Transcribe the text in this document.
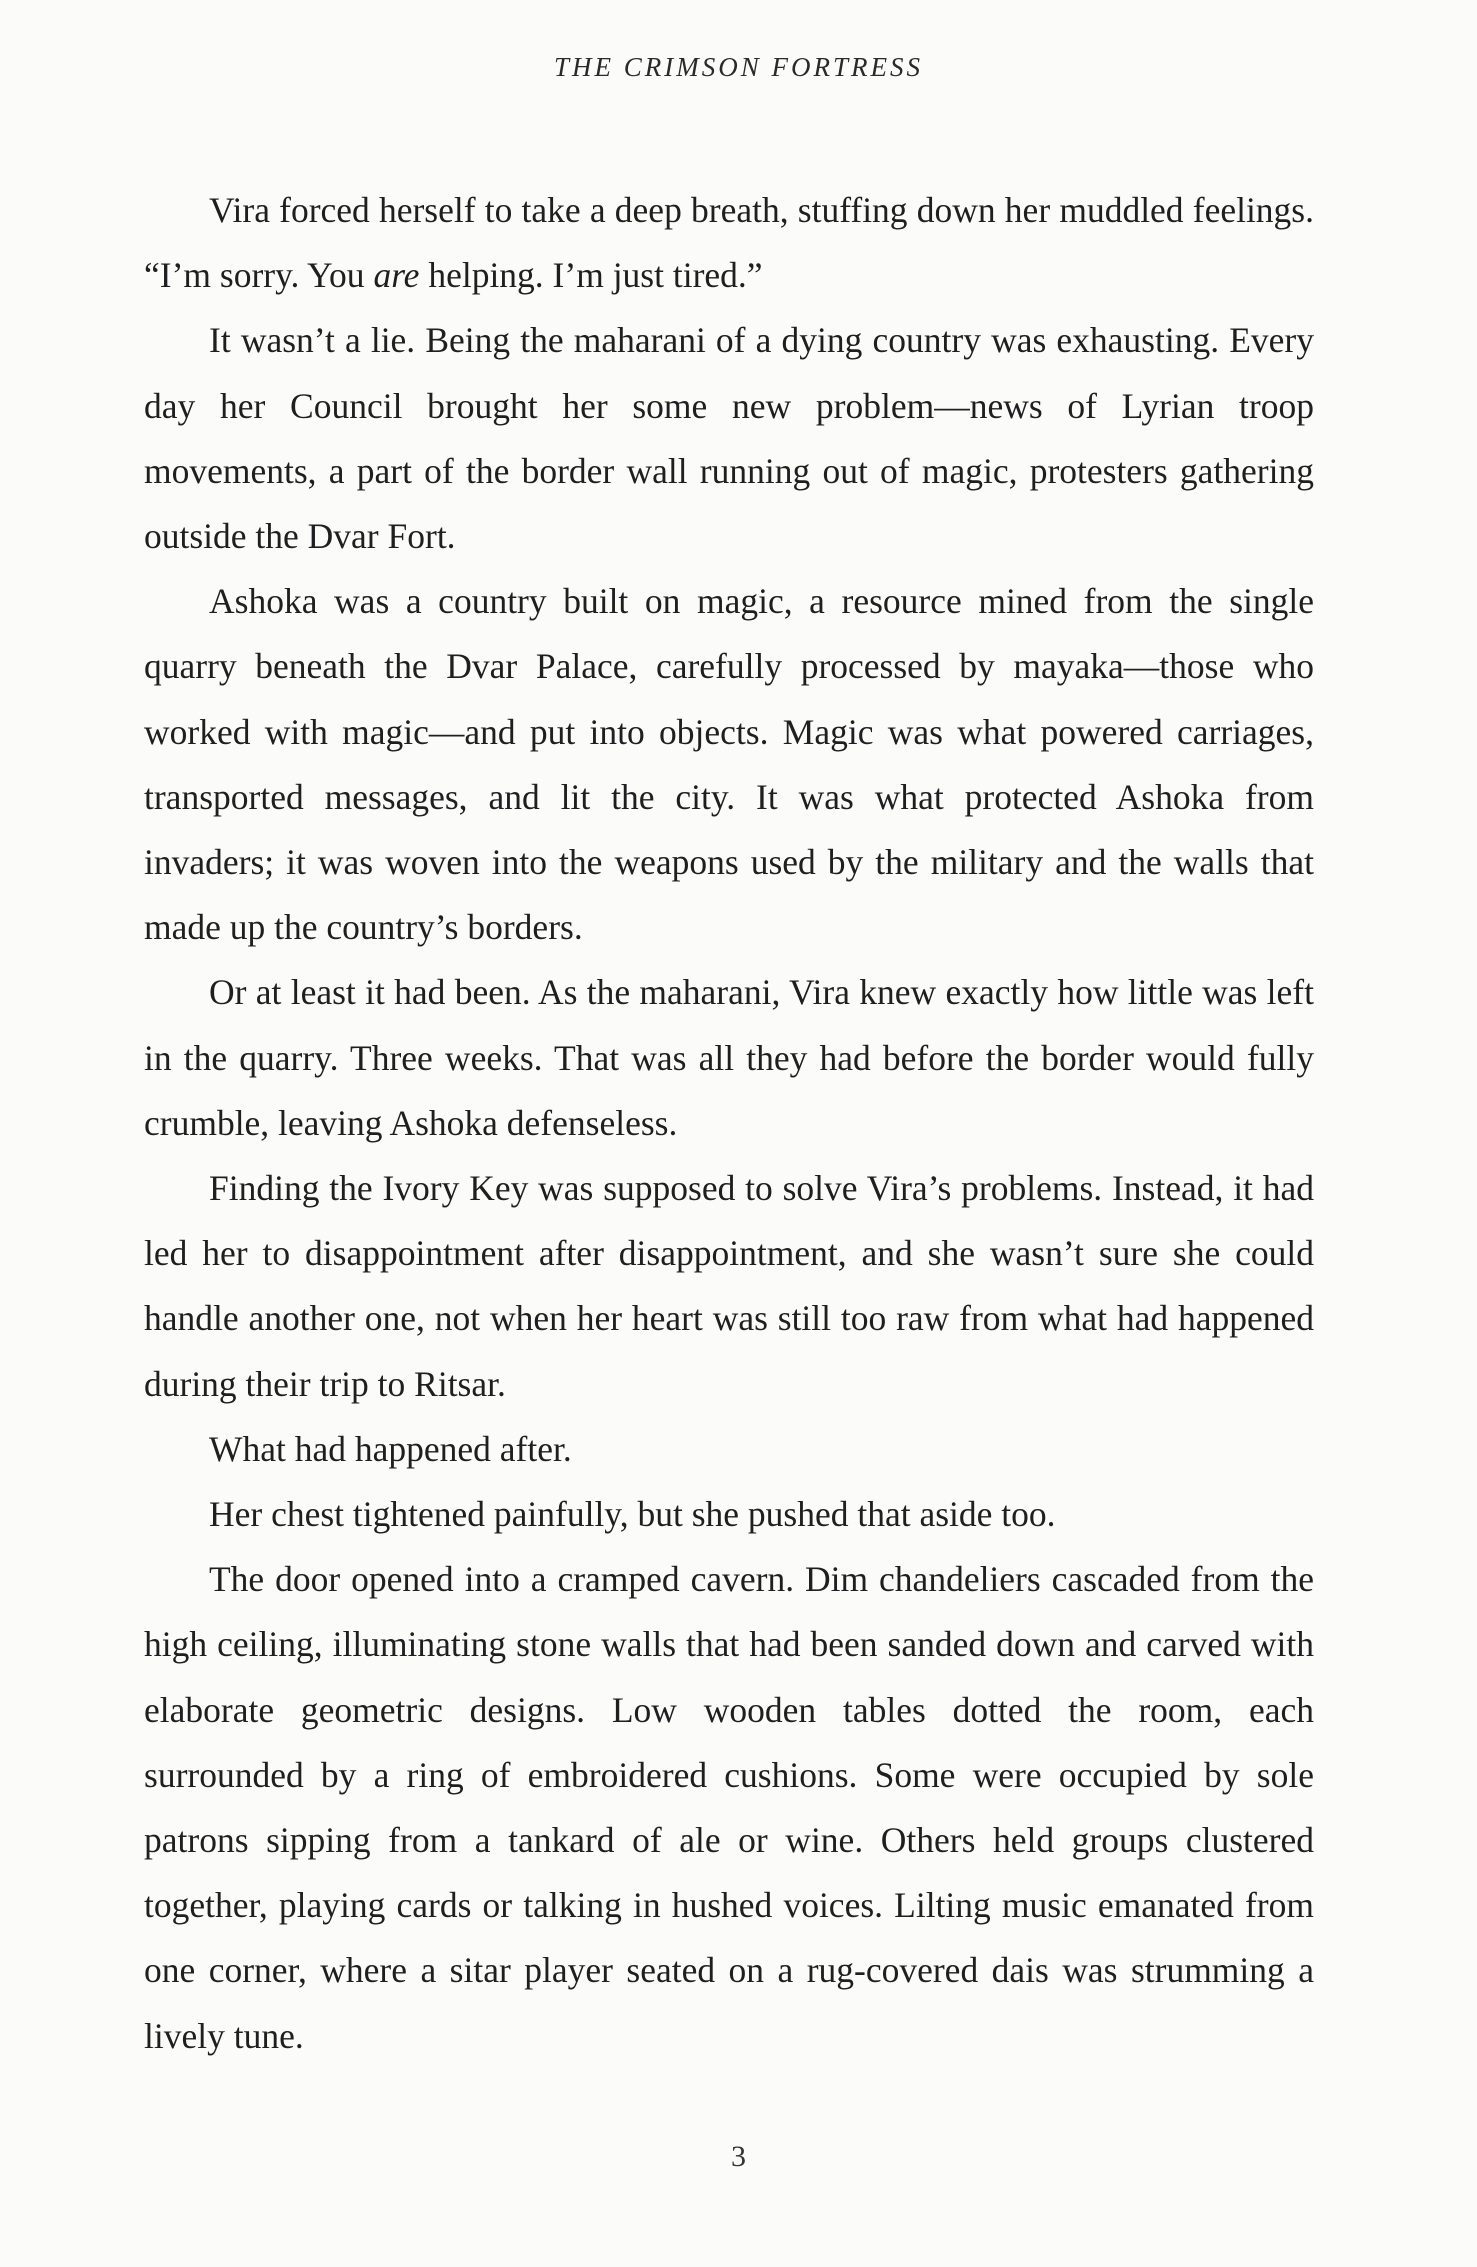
THE CRIMSON FORTRESS

Vira forced herself to take a deep breath, stuffing down her muddled feelings. “I’m sorry. You are helping. I’m just tired.”

It wasn’t a lie. Being the maharani of a dying country was exhausting. Every day her Council brought her some new problem—news of Lyrian troop movements, a part of the border wall running out of magic, protesters gathering outside the Dvar Fort.

Ashoka was a country built on magic, a resource mined from the single quarry beneath the Dvar Palace, carefully processed by mayaka—those who worked with magic—and put into objects. Magic was what powered carriages, transported messages, and lit the city. It was what protected Ashoka from invaders; it was woven into the weapons used by the military and the walls that made up the country’s borders.

Or at least it had been. As the maharani, Vira knew exactly how little was left in the quarry. Three weeks. That was all they had before the border would fully crumble, leaving Ashoka defenseless.

Finding the Ivory Key was supposed to solve Vira’s problems. Instead, it had led her to disappointment after disappointment, and she wasn’t sure she could handle another one, not when her heart was still too raw from what had happened during their trip to Ritsar.

What had happened after.

Her chest tightened painfully, but she pushed that aside too.

The door opened into a cramped cavern. Dim chandeliers cascaded from the high ceiling, illuminating stone walls that had been sanded down and carved with elaborate geometric designs. Low wooden tables dotted the room, each surrounded by a ring of embroidered cushions. Some were occupied by sole patrons sipping from a tankard of ale or wine. Others held groups clustered together, playing cards or talking in hushed voices. Lilting music emanated from one corner, where a sitar player seated on a rug-covered dais was strumming a lively tune.

3
